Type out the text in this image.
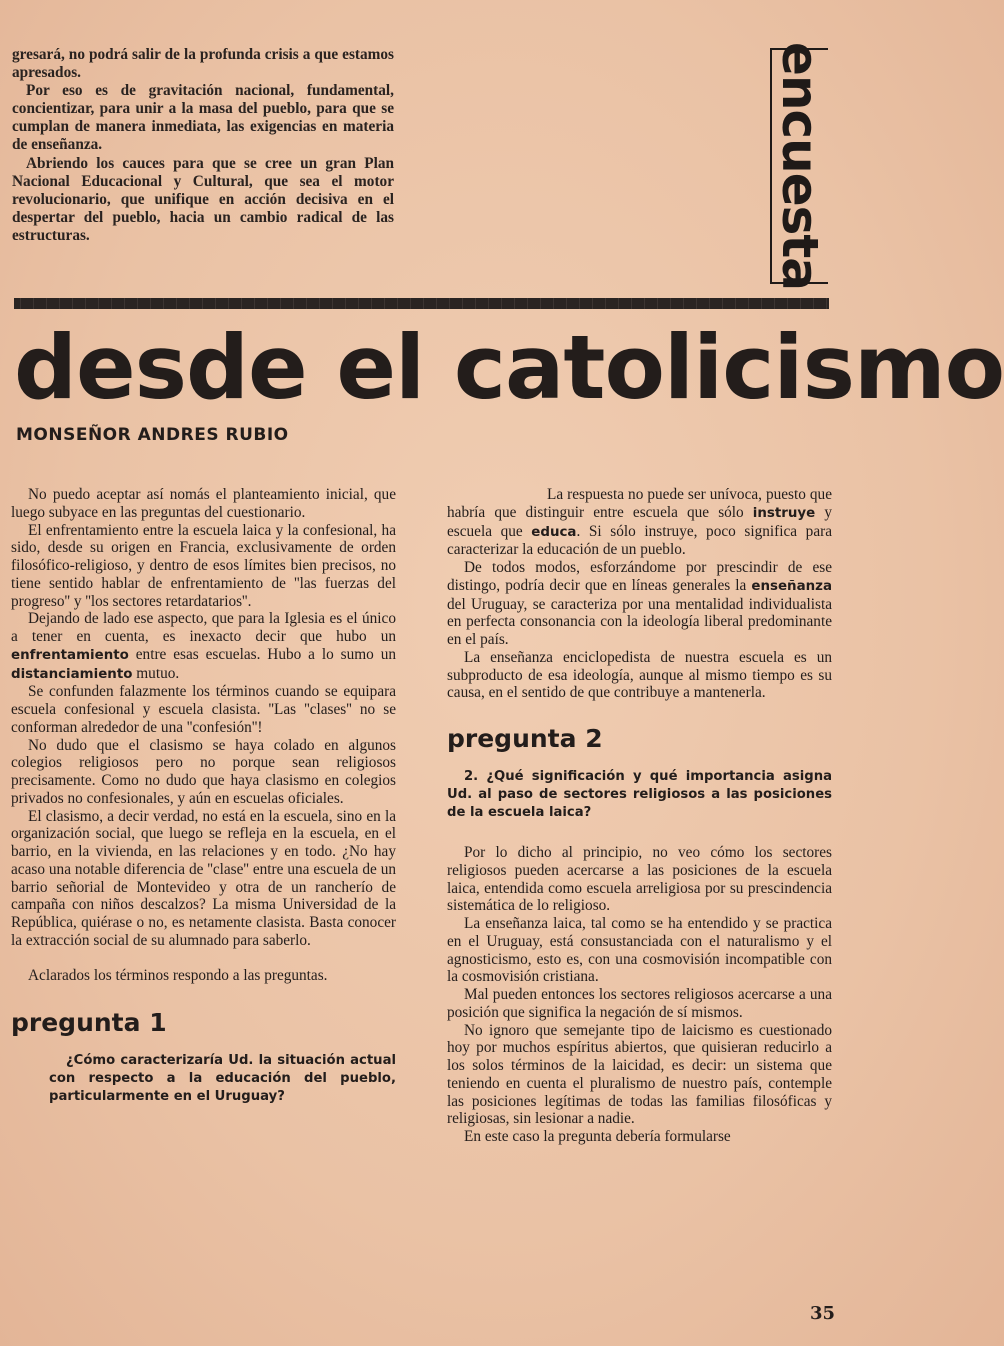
gresará, no podrá salir de la profunda crisis a que estamos apresados.

Por eso es de gravitación nacional, fundamental, concientizar, para unir a la masa del pueblo, para que se cumplan de manera inmediata, las exigencias en materia de enseñanza.

Abriendo los cauces para que se cree un gran Plan Nacional Educacional y Cultural, que sea el motor revolucionario, que unifique en acción decisiva en el despertar del pueblo, hacia un cambio radical de las estructuras.	encuesta
desde el catolicismo
MONSEÑOR ANDRES RUBIO

No puedo aceptar así nomás el planteamiento inicial, que luego subyace en las preguntas del cuestionario.

El enfrentamiento entre la escuela laica y la confesional, ha sido, desde su origen en Francia, exclusivamente de orden filosófico-religioso, y dentro de esos límites bien precisos, no tiene sentido hablar de enfrentamiento de ''las fuerzas del progreso'' y ''los sectores retardatarios''.

Dejando de lado ese aspecto, que para la Iglesia es el único a tener en cuenta, es inexacto decir que hubo un enfrentamiento entre esas escuelas. Hubo a lo sumo un distanciamiento mutuo.

Se confunden falazmente los términos cuando se equipara escuela confesional y escuela clasista. ''Las ''clases'' no se conforman alrededor de una ''confesión''!

No dudo que el clasismo se haya colado en algunos colegios religiosos pero no porque sean religiosos precisamente. Como no dudo que haya clasismo en colegios privados no confesionales, y aún en escuelas oficiales.

El clasismo, a decir verdad, no está en la escuela, sino en la organización social, que luego se refleja en la escuela, en el barrio, en la vivienda, en las relaciones y en todo. ¿No hay acaso una notable diferencia de ''clase'' entre una escuela de un barrio señorial de Montevideo y otra de un rancherío de campaña con niños descalzos? La misma Universidad de la República, quiérase o no, es netamente clasista. Basta conocer la extracción social de su alumnado para saberlo.

Aclarados los términos respondo a las preguntas.

pregunta 1

¿Cómo caracterizaría Ud. la situación actual con respecto a la educación del pueblo, particularmente en el Uruguay?

La respuesta no puede ser unívoca, puesto que habría que distinguir entre escuela que sólo instruye y escuela que educa. Si sólo instruye, poco significa para caracterizar la educación de un pueblo.

De todos modos, esforzándome por prescindir de ese distingo, podría decir que en líneas generales la enseñanza del Uruguay, se caracteriza por una mentalidad individualista en perfecta consonancia con la ideología liberal predominante en el país.

La enseñanza enciclopedista de nuestra escuela es un subproducto de esa ideología, aunque al mismo tiempo es su causa, en el sentido de que contribuye a mantenerla.

pregunta 2

2. ¿Qué significación y qué importancia asigna Ud. al paso de sectores religiosos a las posiciones de la escuela laica?

Por lo dicho al principio, no veo cómo los sectores religiosos pueden acercarse a las posiciones de la escuela laica, entendida como escuela arreligiosa por su prescindencia sistemática de lo religioso.

La enseñanza laica, tal como se ha entendido y se practica en el Uruguay, está consustanciada con el naturalismo y el agnosticismo, esto es, con una cosmovisión incompatible con la cosmovisión cristiana.

Mal pueden entonces los sectores religiosos acercarse a una posición que significa la negación de sí mismos.

No ignoro que semejante tipo de laicismo es cuestionado hoy por muchos espíritus abiertos, que quisieran reducirlo a los solos términos de la laicidad, es decir: un sistema que teniendo en cuenta el pluralismo de nuestro país, contemple las posiciones legítimas de todas las familias filosóficas y religiosas, sin lesionar a nadie.

En este caso la pregunta debería formularse

35
